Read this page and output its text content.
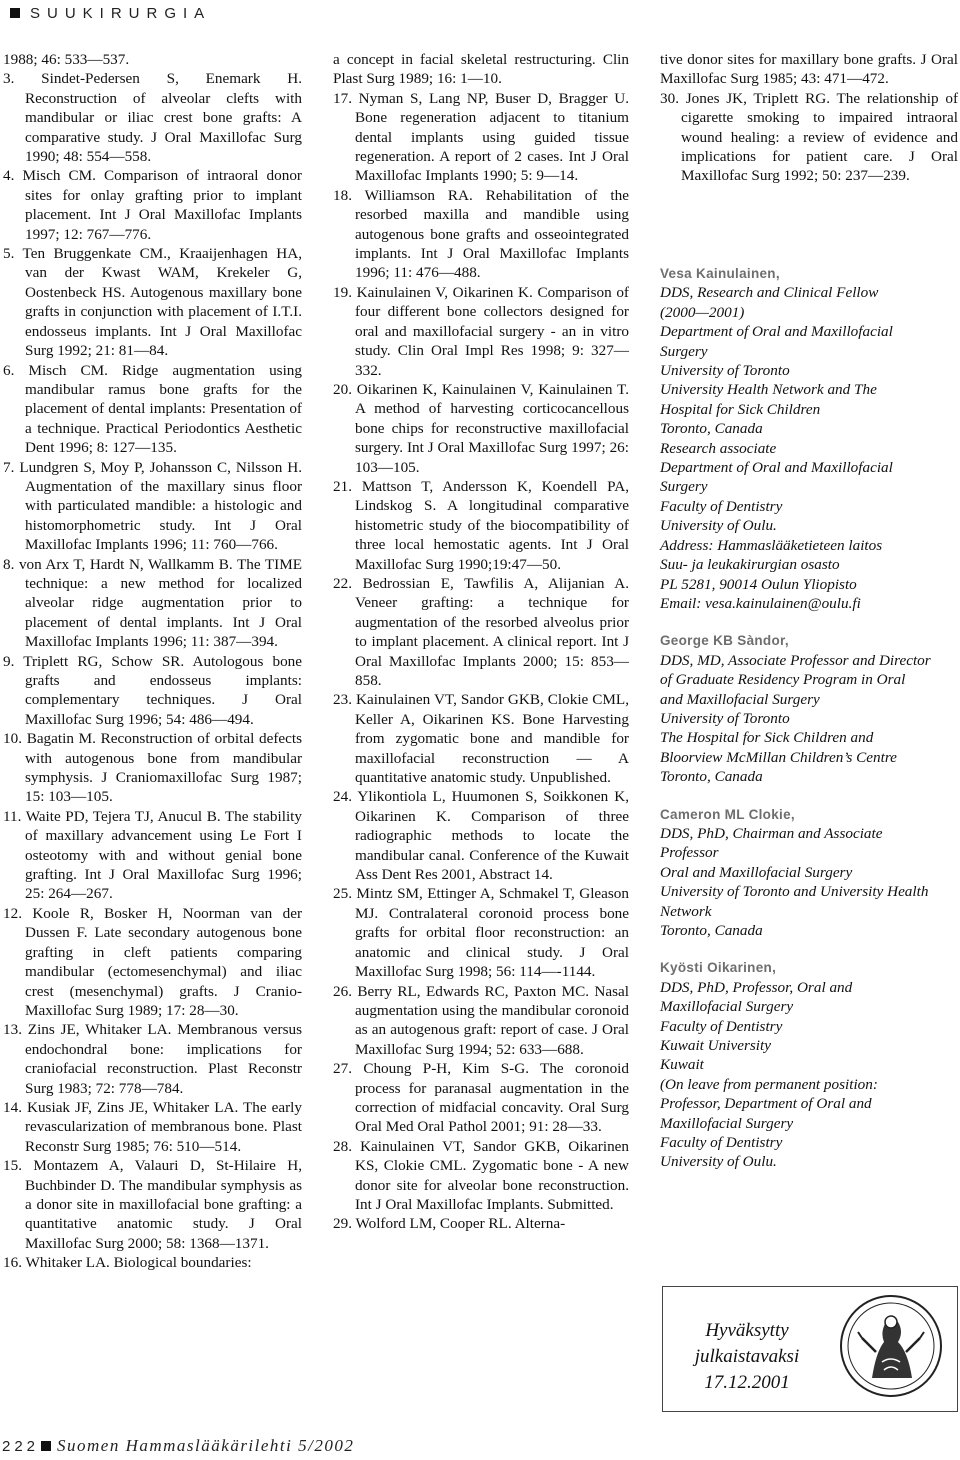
SUUKIRURGIA

1988; 46: 533—537.

3. Sindet-Pedersen S, Enemark H. Reconstruction of alveolar clefts with mandibular or iliac crest bone grafts: A comparative study. J Oral Maxillofac Surg 1990; 48: 554—558.

4. Misch CM. Comparison of intraoral donor sites for onlay grafting prior to implant placement. Int J Oral Maxillofac Implants 1997; 12: 767—776.

5. Ten Bruggenkate CM., Kraaijenhagen HA, van der Kwast WAM, Krekeler G, Oostenbeck HS. Autogenous maxillary bone grafts in conjunction with placement of I.T.I. endosseus implants. Int J Oral Maxillofac Surg 1992; 21: 81—84.

6. Misch CM. Ridge augmentation using mandibular ramus bone grafts for the placement of dental implants: Presentation of a technique. Practical Periodontics Aesthetic Dent 1996; 8: 127—135.

7. Lundgren S, Moy P, Johansson C, Nilsson H. Augmentation of the maxillary sinus floor with particulated mandible: a histologic and histomorphometric study. Int J Oral Maxillofac Implants 1996; 11: 760—766.

8. von Arx T, Hardt N, Wallkamm B. The TIME technique: a new method for localized alveolar ridge augmentation prior to placement of dental implants. Int J Oral Maxillofac Implants 1996; 11: 387—394.

9. Triplett RG, Schow SR. Autologous bone grafts and endosseus implants: complementary techniques. J Oral Maxillofac Surg 1996; 54: 486—494.

10. Bagatin M. Reconstruction of orbital defects with autogenous bone from mandibular symphysis. J Craniomaxillofac Surg 1987; 15: 103—105.

11. Waite PD, Tejera TJ, Anucul B. The stability of maxillary advancement using Le Fort I osteotomy with and without genial bone grafting. Int J Oral Maxillofac Surg 1996; 25: 264—267.

12. Koole R, Bosker H, Noorman van der Dussen F. Late secondary autogenous bone grafting in cleft patients comparing mandibular (ectomesenchymal) and iliac crest (mesenchymal) grafts. J Cranio-Maxillofac Surg 1989; 17: 28—30.

13. Zins JE, Whitaker LA. Membranous versus endochondral bone: implications for craniofacial reconstruction. Plast Reconstr Surg 1983; 72: 778—784.

14. Kusiak JF, Zins JE, Whitaker LA. The early revascularization of membranous bone. Plast Reconstr Surg 1985; 76: 510—514.

15. Montazem A, Valauri D, St-Hilaire H, Buchbinder D. The mandibular symphysis as a donor site in maxillofacial bone grafting: a quantitative anatomic study. J Oral Maxillofac Surg 2000; 58: 1368—1371.

16. Whitaker LA. Biological boundaries:

a concept in facial skeletal restructuring. Clin Plast Surg 1989; 16: 1—10.

17. Nyman S, Lang NP, Buser D, Bragger U. Bone regeneration adjacent to titanium dental implants using guided tissue regeneration. A report of 2 cases. Int J Oral Maxillofac Implants 1990; 5: 9—14.

18. Williamson RA. Rehabilitation of the resorbed maxilla and mandible using autogenous bone grafts and osseointegrated implants. Int J Oral Maxillofac Implants 1996; 11: 476—488.

19. Kainulainen V, Oikarinen K. Comparison of four different bone collectors designed for oral and maxillofacial surgery - an in vitro study. Clin Oral Impl Res 1998; 9: 327—332.

20. Oikarinen K, Kainulainen V, Kainulainen T. A method of harvesting corticocancellous bone chips for reconstructive maxillofacial surgery. Int J Oral Maxillofac Surg 1997; 26: 103—105.

21. Mattson T, Andersson K, Koendell PA, Lindskog S. A longitudinal comparative histometric study of the biocompatibility of three local hemostatic agents. Int J Oral Maxillofac Surg 1990;19:47—50.

22. Bedrossian E, Tawfilis A, Alijanian A. Veneer grafting: a technique for augmentation of the resorbed alveolus prior to implant placement. A clinical report. Int J Oral Maxillofac Implants 2000; 15: 853—858.

23. Kainulainen VT, Sandor GKB, Clokie CML, Keller A, Oikarinen KS. Bone Harvesting from zygomatic bone and mandible for maxillofacial reconstruction — A quantitative anatomic study. Unpublished.

24. Ylikontiola L, Huumonen S, Soikkonen K, Oikarinen K. Comparison of three radiographic methods to locate the mandibular canal. Conference of the Kuwait Ass Dent Res 2001, Abstract 14.

25. Mintz SM, Ettinger A, Schmakel T, Gleason MJ. Contralateral coronoid process bone grafts for orbital floor reconstruction: an anatomic and clinical study. J Oral Maxillofac Surg 1998; 56: 114—-1144.

26. Berry RL, Edwards RC, Paxton MC. Nasal augmentation using the mandibular coronoid as an autogenous graft: report of case. J Oral Maxillofac Surg 1994; 52: 633—688.

27. Choung P-H, Kim S-G. The coronoid process for paranasal augmentation in the correction of midfacial concavity. Oral Surg Oral Med Oral Pathol 2001; 91: 28—33.

28. Kainulainen VT, Sandor GKB, Oikarinen KS, Clokie CML. Zygomatic bone - A new donor site for alveolar bone reconstruction. Int J Oral Maxillofac Implants. Submitted.

29. Wolford LM, Cooper RL. Alterna-

tive donor sites for maxillary bone grafts. J Oral Maxillofac Surg 1985; 43: 471—472.

30. Jones JK, Triplett RG. The relationship of cigarette smoking to impaired intraoral wound healing: a review of evidence and implications for patient care. J Oral Maxillofac Surg 1992; 50: 237—239.

Vesa Kainulainen,
DDS, Research and Clinical Fellow
(2000—2001)
Department of Oral and Maxillofacial
Surgery
University of Toronto
University Health Network and The
Hospital for Sick Children
Toronto, Canada
Research associate
Department of Oral and Maxillofacial
Surgery
Faculty of Dentistry
University of Oulu.
Address: Hammaslääketieteen laitos
Suu- ja leukakirurgian osasto
PL 5281, 90014 Oulun Yliopisto
Email: vesa.kainulainen@oulu.fi
George KB Sàndor,
DDS, MD, Associate Professor and Director
of Graduate Residency Program in Oral
and Maxillofacial Surgery
University of Toronto
The Hospital for Sick Children and
Bloorview McMillan Children’s Centre
Toronto, Canada
Cameron ML Clokie,
DDS, PhD, Chairman and Associate
Professor
Oral and Maxillofacial Surgery
University of Toronto and University Health
Network
Toronto, Canada
Kyösti Oikarinen,
DDS, PhD, Professor, Oral and
Maxillofacial Surgery
Faculty of Dentistry
Kuwait University
Kuwait
(On leave from permanent position:
Professor, Department of Oral and
Maxillofacial Surgery
Faculty of Dentistry
University of Oulu.
Hyväksytty
julkaistavaksi
17.12.2001
222 Suomen Hammaslääkärilehti 5/2002
